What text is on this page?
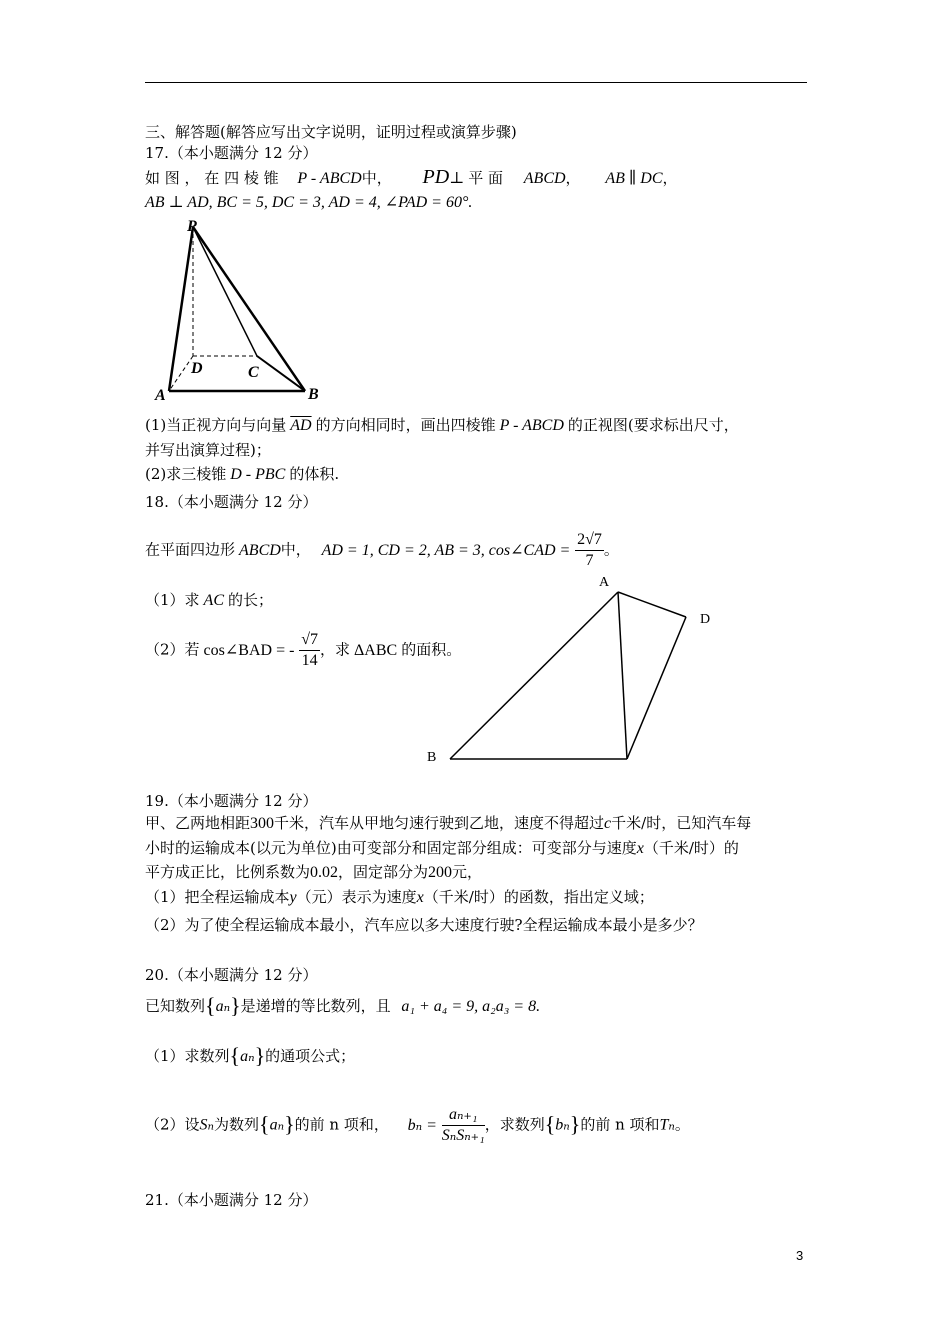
三、解答题(解答应写出文字说明，证明过程或演算步骤)
17.（本小题满分 12 分）
如 图 ， 在 四 棱 锥 P - ABCD中， PD⊥ 平 面 ABCD， AB ∥ DC，
AB ⊥ AD, BC = 5, DC = 3, AD = 4, ∠PAD = 60°.
P
D	C
A	B
(1)当正视方向与向量 $\overline{AD}$ 的方向相同时，画出四棱锥 P - ABCD 的正视图(要求标出尺寸，
并写出演算过程)；
(2)求三棱锥 D - PBC 的体积.
18.（本小题满分 12 分）
在平面四边形 ABCD中， AD = 1, CD = 2, AB = 3, cos∠CAD = $\frac{2√7}{7}$ 。
（1）求 AC 的长；
（2）若 cos∠BAD = - $\frac{√7}{14}$ ，求 ΔABC 的面积。
A
D
B
19.（本小题满分 12 分）
甲、乙两地相距300千米，汽车从甲地匀速行驶到乙地，速度不得超过c千米/时，已知汽车每
小时的运输成本(以元为单位)由可变部分和固定部分组成：可变部分与速度x（千米/时）的
平方成正比，比例系数为0.02，固定部分为200元，
（1）把全程运输成本y（元）表示为速度x（千米/时）的函数，指出定义域；
（2）为了使全程运输成本最小，汽车应以多大速度行驶?全程运输成本最小是多少？
20.（本小题满分 12 分）
已知数列{aₙ}是递增的等比数列，且 a₁ + a₄ = 9, a₂a₃ = 8.
（1）求数列{aₙ}的通项公式；
（2）设Sₙ为数列{aₙ}的前 n 项和， $b_n = \frac{\text{aₙ₊₁}}{\text{SₙSₙ₊₁}}$ ，求数列{bₙ}的前 n 项和Tₙ。
21.（本小题满分 12 分）
3
